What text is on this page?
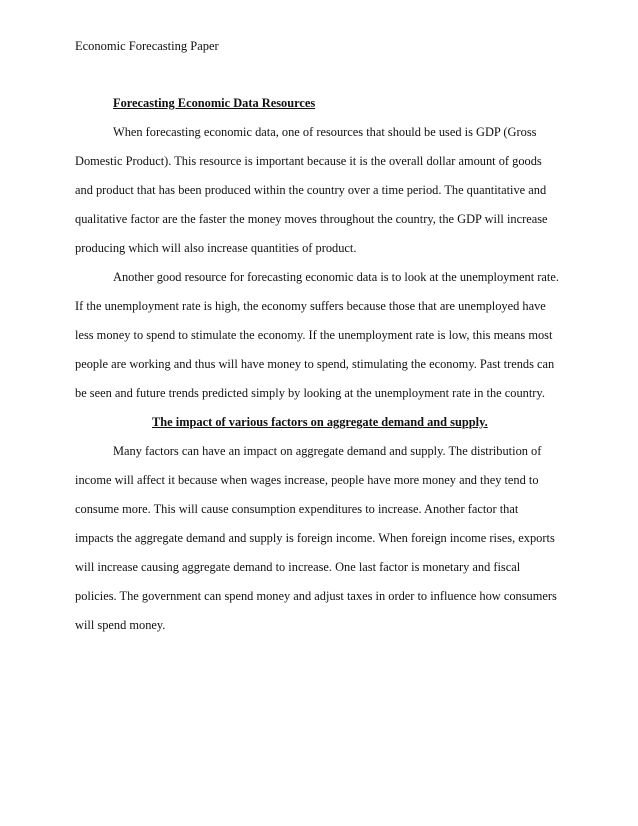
Economic Forecasting Paper
Forecasting Economic Data Resources
When forecasting economic data, one of resources that should be used is GDP (Gross
Domestic Product). This resource is important because it is the overall dollar amount of goods
and product that has been produced within the country over a time period. The quantitative and
qualitative factor are the faster the money moves throughout the country, the GDP will increase
producing which will also increase quantities of product.
Another good resource for forecasting economic data is to look at the unemployment rate.
If the unemployment rate is high, the economy suffers because those that are unemployed have
less money to spend to stimulate the economy. If the unemployment rate is low, this means most
people are working and thus will have money to spend, stimulating the economy. Past trends can
be seen and future trends predicted simply by looking at the unemployment rate in the country.
The impact of various factors on aggregate demand and supply.
Many factors can have an impact on aggregate demand and supply. The distribution of
income will affect it because when wages increase, people have more money and they tend to
consume more. This will cause consumption expenditures to increase. Another factor that
impacts the aggregate demand and supply is foreign income. When foreign income rises, exports
will increase causing aggregate demand to increase. One last factor is monetary and fiscal
policies. The government can spend money and adjust taxes in order to influence how consumers
will spend money.
